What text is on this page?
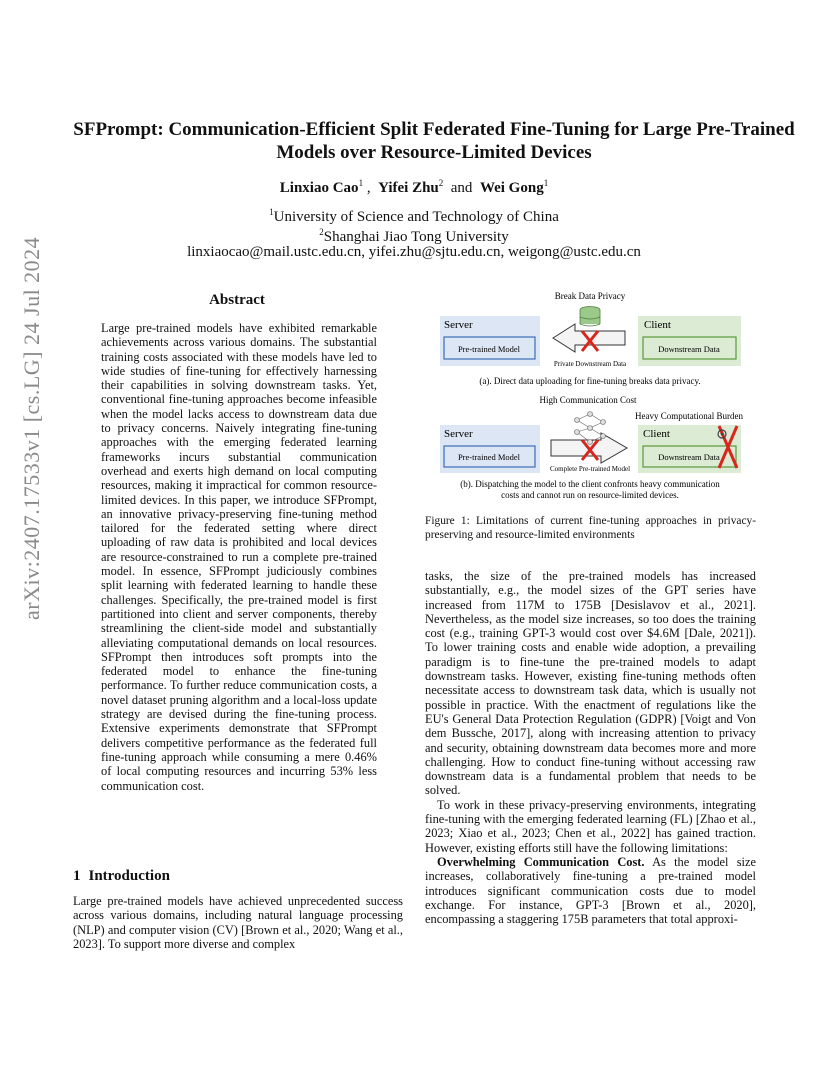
SFPrompt: Communication-Efficient Split Federated Fine-Tuning for Large Pre-Trained Models over Resource-Limited Devices
Linxiao Cao$^1$ , Yifei Zhu$^2$ and Wei Gong$^1$
$^1$University of Science and Technology of China
$^2$Shanghai Jiao Tong University
linxiaocao@mail.ustc.edu.cn, yifei.zhu@sjtu.edu.cn, weigong@ustc.edu.cn
arXiv:2407.17533v1 [cs.LG] 24 Jul 2024	Abstract
Large pre-trained models have exhibited remarkable achievements across various domains. The substantial training costs associated with these models have led to wide studies of fine-tuning for effectively harnessing their capabilities in solving downstream tasks. Yet, conventional fine-tuning approaches become infeasible when the model lacks access to downstream data due to privacy concerns. Naively integrating fine-tuning approaches with the emerging federated learning frameworks incurs substantial communication overhead and exerts high demand on local computing resources, making it impractical for common resource-limited devices. In this paper, we introduce SFPrompt, an innovative privacy-preserving fine-tuning method tailored for the federated setting where direct uploading of raw data is prohibited and local devices are resource-constrained to run a complete pre-trained model. In essence, SFPrompt judiciously combines split learning with federated learning to handle these challenges. Specifically, the pre-trained model is first partitioned into client and server components, thereby streamlining the client-side model and substantially alleviating computational demands on local resources. SFPrompt then introduces soft prompts into the federated model to enhance the fine-tuning performance. To further reduce communication costs, a novel dataset pruning algorithm and a local-loss update strategy are devised during the fine-tuning process. Extensive experiments demonstrate that SFPrompt delivers competitive performance as the federated full fine-tuning approach while consuming a mere 0.46% of local computing resources and incurring 53% less communication cost.
1 Introduction
Large pre-trained models have achieved unprecedented success across various domains, including natural language processing (NLP) and computer vision (CV) [Brown et al., 2020; Wang et al., 2023]. To support more diverse and complex
Break Data Privacy
Server
Pre-trained Model
Client
Downstream Data
Private Downstream Data
(a). Direct data uploading for fine-tuning breaks data privacy.
High Communication Cost
Heavy Computational Burden
Server
Pre-trained Model
Client
Downstream Data
Complete Pre-trained Model
(b). Dispatching the model to the client confronts heavy communication
costs and cannot run on resource-limited devices.
Figure 1: Limitations of current fine-tuning approaches in privacy-preserving and resource-limited environments

tasks, the size of the pre-trained models has increased substantially, e.g., the model sizes of the GPT series have increased from 117M to 175B [Desislavov et al., 2021]. Nevertheless, as the model size increases, so too does the training cost (e.g., training GPT-3 would cost over $4.6M [Dale, 2021]). To lower training costs and enable wide adoption, a prevailing paradigm is to fine-tune the pre-trained models to adapt downstream tasks. However, existing fine-tuning methods often necessitate access to downstream task data, which is usually not possible in practice. With the enactment of regulations like the EU's General Data Protection Regulation (GDPR) [Voigt and Von dem Bussche, 2017], along with increasing attention to privacy and security, obtaining downstream data becomes more and more challenging. How to conduct fine-tuning without accessing raw downstream data is a fundamental problem that needs to be solved.

To work in these privacy-preserving environments, integrating fine-tuning with the emerging federated learning (FL) [Zhao et al., 2023; Xiao et al., 2023; Chen et al., 2022] has gained traction. However, existing efforts still have the following limitations:

Overwhelming Communication Cost. As the model size increases, collaboratively fine-tuning a pre-trained model introduces significant communication costs due to model exchange. For instance, GPT-3 [Brown et al., 2020], encompassing a staggering 175B parameters that total approxi-
